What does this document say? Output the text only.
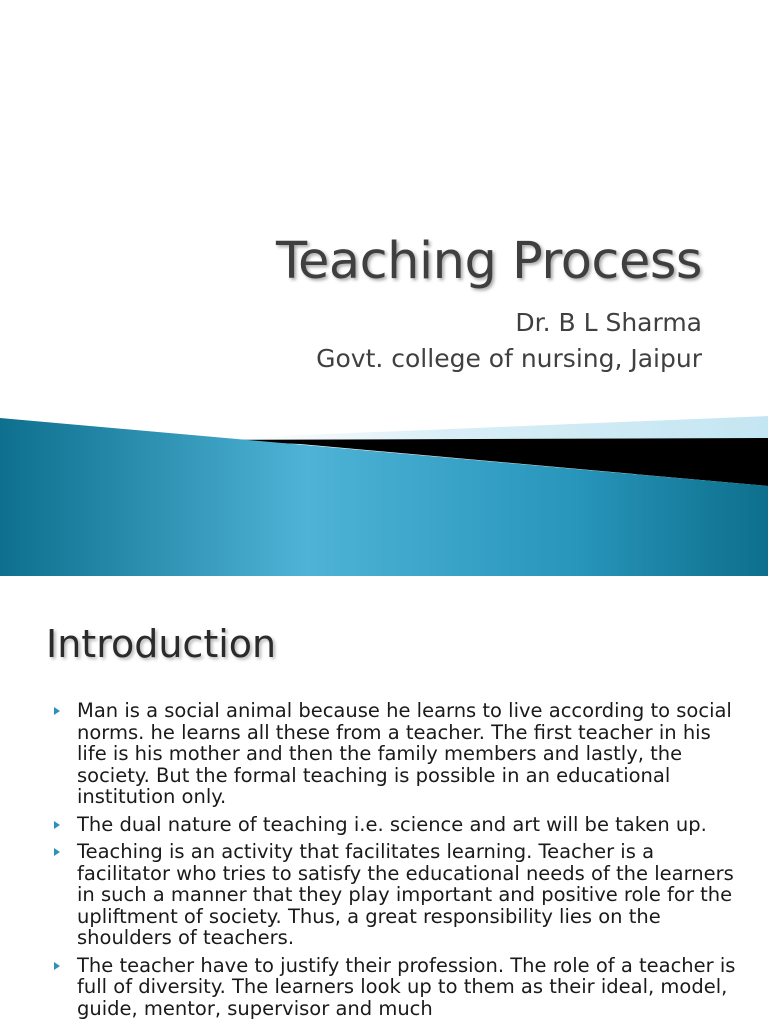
Teaching Process
Dr. B L Sharma
Govt. college of nursing, Jaipur
Introduction
Man is a social animal because he learns to live according to social norms. he learns all these from a teacher. The first teacher in his life is his mother and then the family members and lastly, the society. But the formal teaching is possible in an educational institution only.
The dual nature of teaching i.e. science and art will be taken up.
Teaching is an activity that facilitates learning. Teacher is a facilitator who tries to satisfy the educational needs of the learners in such a manner that they play important and positive role for the upliftment of society. Thus, a great responsibility lies on the shoulders of teachers.
The teacher have to justify their profession. The role of a teacher is full of diversity. The learners look up to them as their ideal, model, guide, mentor, supervisor and much
